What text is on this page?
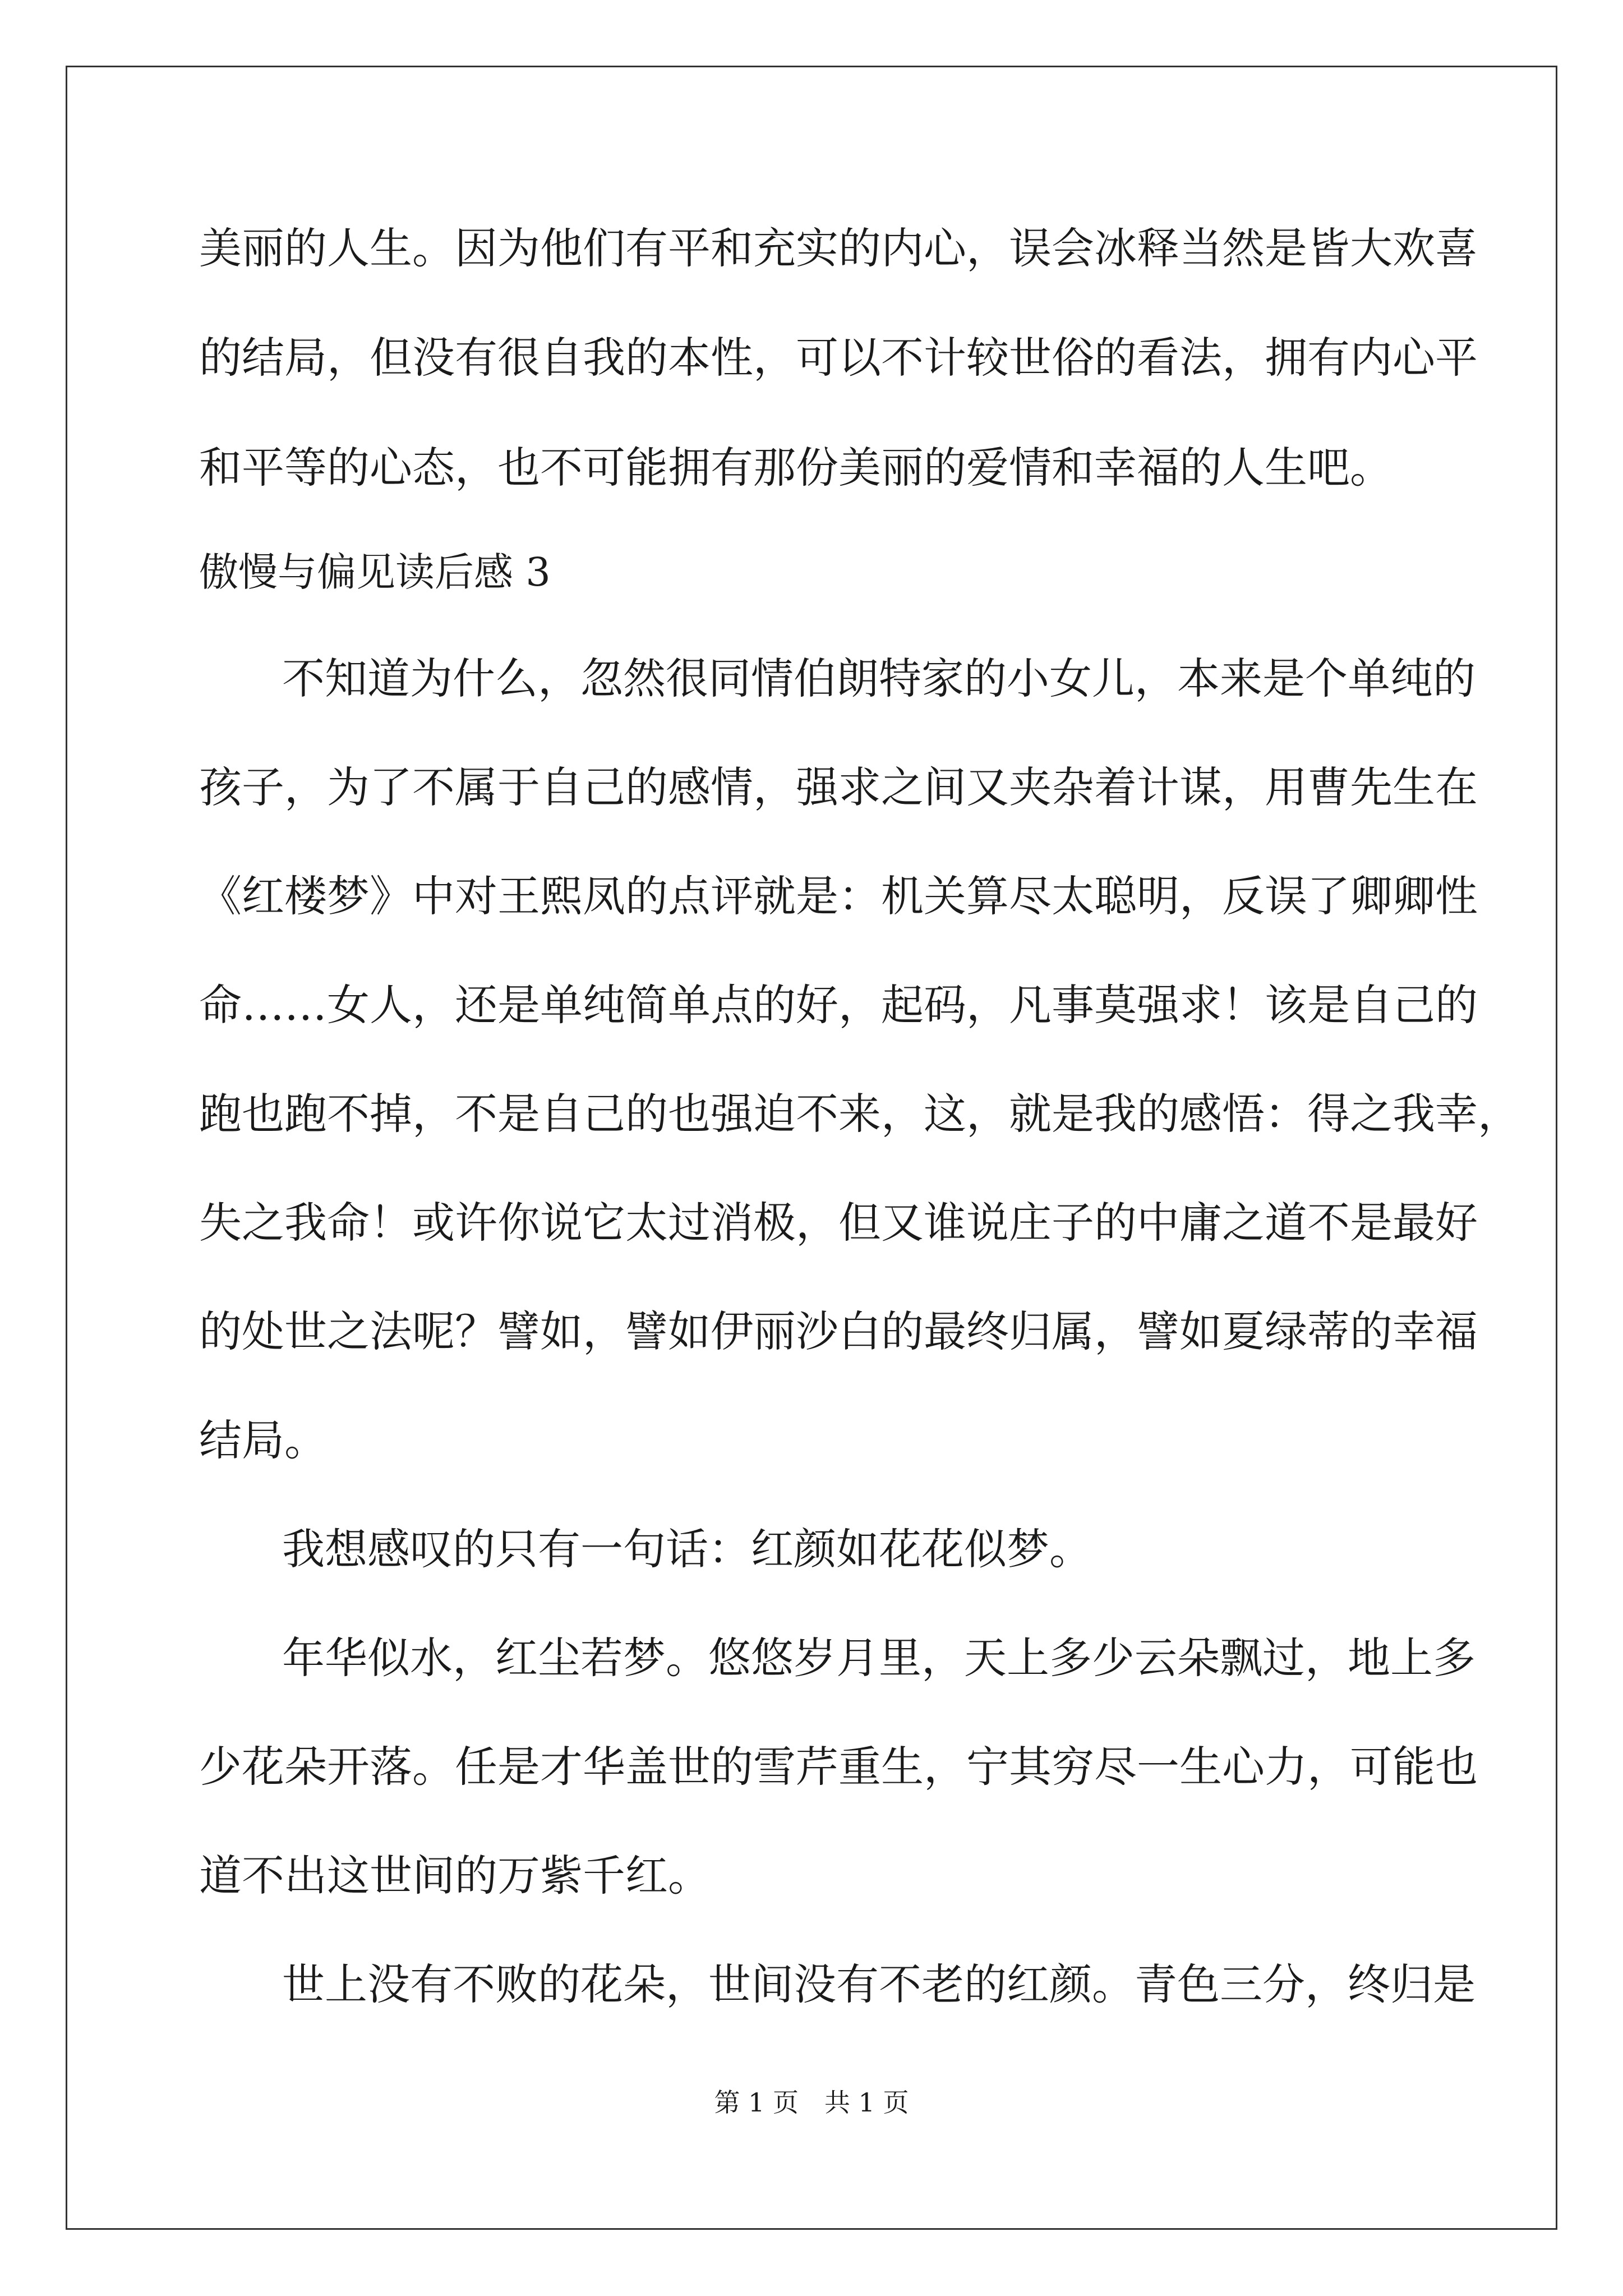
美丽的人生。因为他们有平和充实的内心，误会冰释当然是皆大欢喜
的结局，但没有很自我的本性，可以不计较世俗的看法，拥有内心平
和平等的心态，也不可能拥有那份美丽的爱情和幸福的人生吧。
傲慢与偏见读后感 3
不知道为什么，忽然很同情伯朗特家的小女儿，本来是个单纯的
孩子，为了不属于自己的感情，强求之间又夹杂着计谋，用曹先生在
《红楼梦》中对王熙凤的点评就是：机关算尽太聪明，反误了卿卿性
命……女人，还是单纯简单点的好，起码，凡事莫强求！该是自己的
跑也跑不掉，不是自己的也强迫不来，这，就是我的感悟：得之我幸，
失之我命！或许你说它太过消极，但又谁说庄子的中庸之道不是最好
的处世之法呢？譬如，譬如伊丽沙白的最终归属，譬如夏绿蒂的幸福
结局。
我想感叹的只有一句话：红颜如花花似梦。
年华似水，红尘若梦。悠悠岁月里，天上多少云朵飘过，地上多
少花朵开落。任是才华盖世的雪芹重生，宁其穷尽一生心力，可能也
道不出这世间的万紫千红。
世上没有不败的花朵，世间没有不老的红颜。青色三分，终归是
第 1 页　共 1 页
